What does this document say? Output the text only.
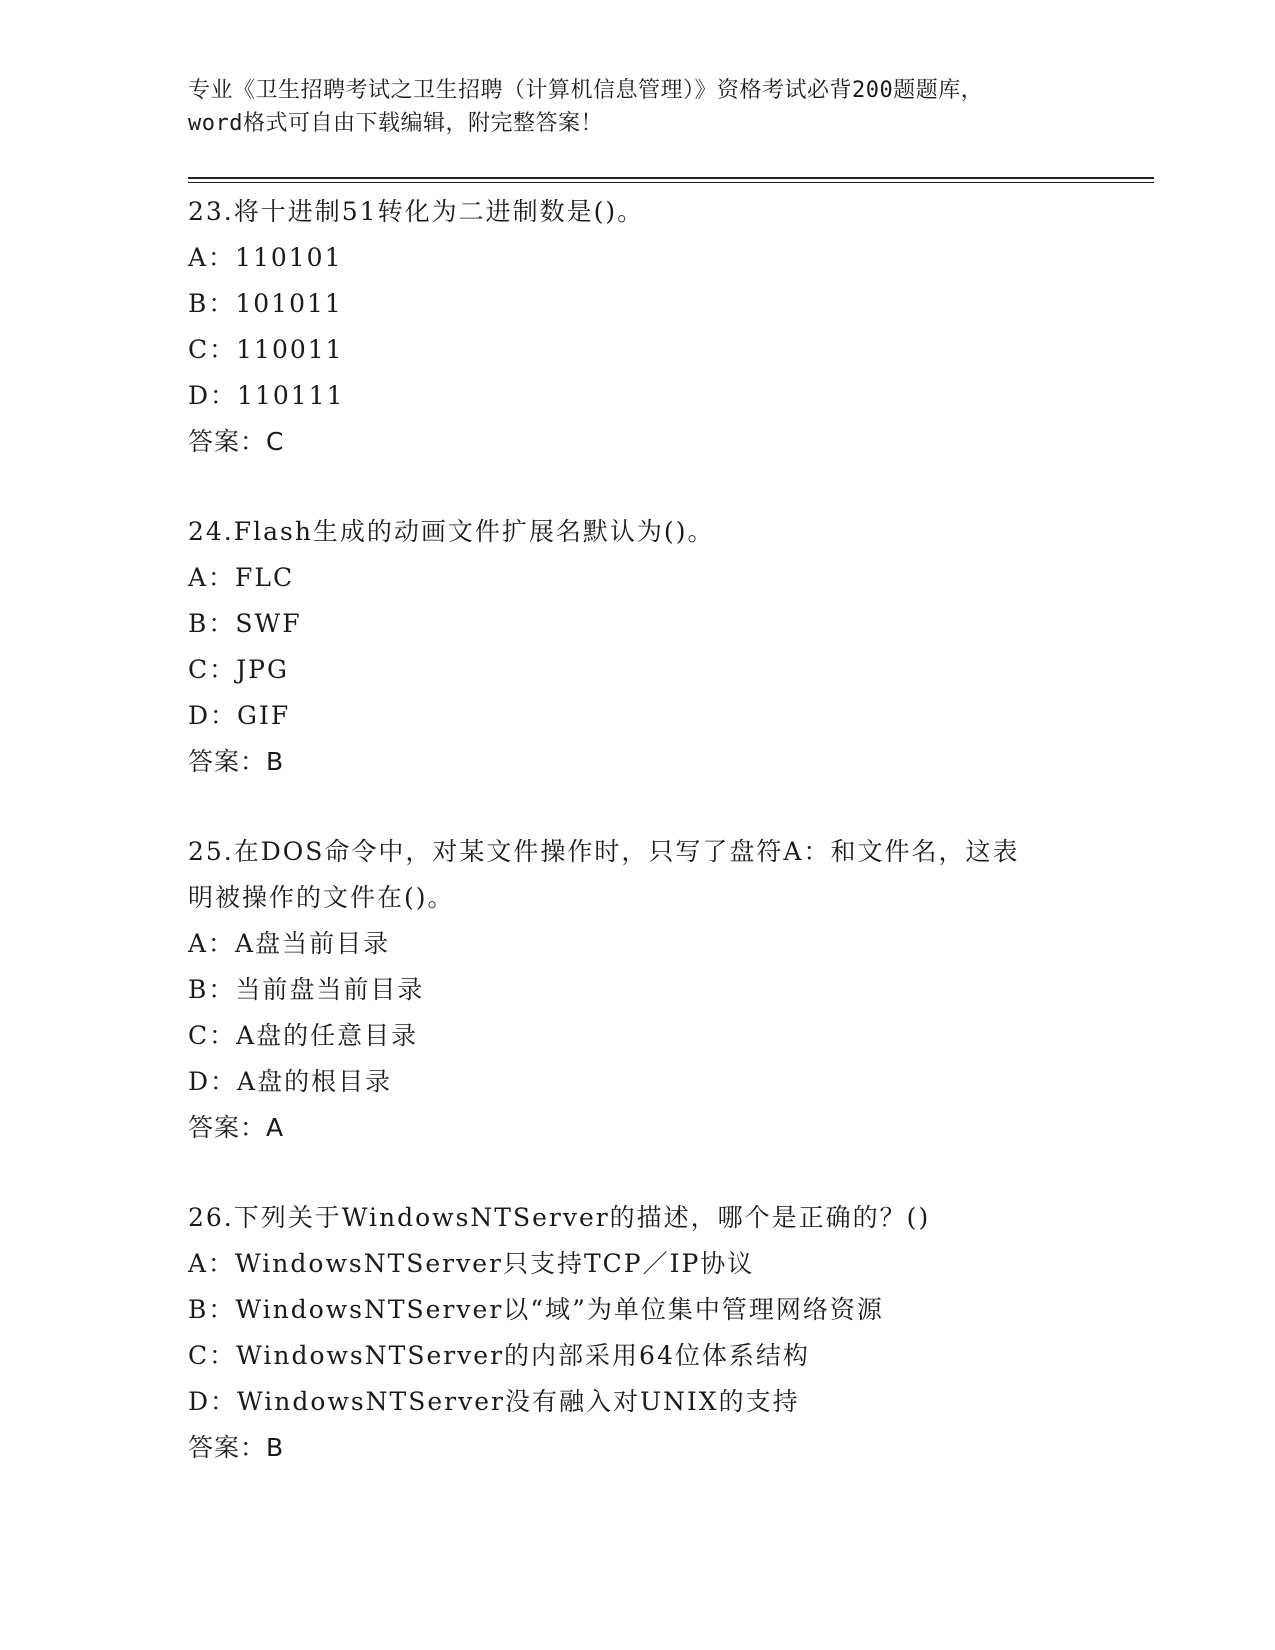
专业《卫生招聘考试之卫生招聘（计算机信息管理）》资格考试必背200题题库，
word格式可自由下载编辑，附完整答案！
23.将十进制51转化为二进制数是()。
A：110101
B：101011
C：110011
D：110111
答案：C
24.Flash生成的动画文件扩展名默认为()。
A：FLC
B：SWF
C：JPG
D：GIF
答案：B
25.在DOS命令中，对某文件操作时，只写了盘符A：和文件名，这表
明被操作的文件在()。
A：A盘当前目录
B：当前盘当前目录
C：A盘的任意目录
D：A盘的根目录
答案：A
26.下列关于WindowsNTServer的描述，哪个是正确的？()
A：WindowsNTServer只支持TCP／IP协议
B：WindowsNTServer以“域”为单位集中管理网络资源
C：WindowsNTServer的内部采用64位体系结构
D：WindowsNTServer没有融入对UNIX的支持
答案：B
